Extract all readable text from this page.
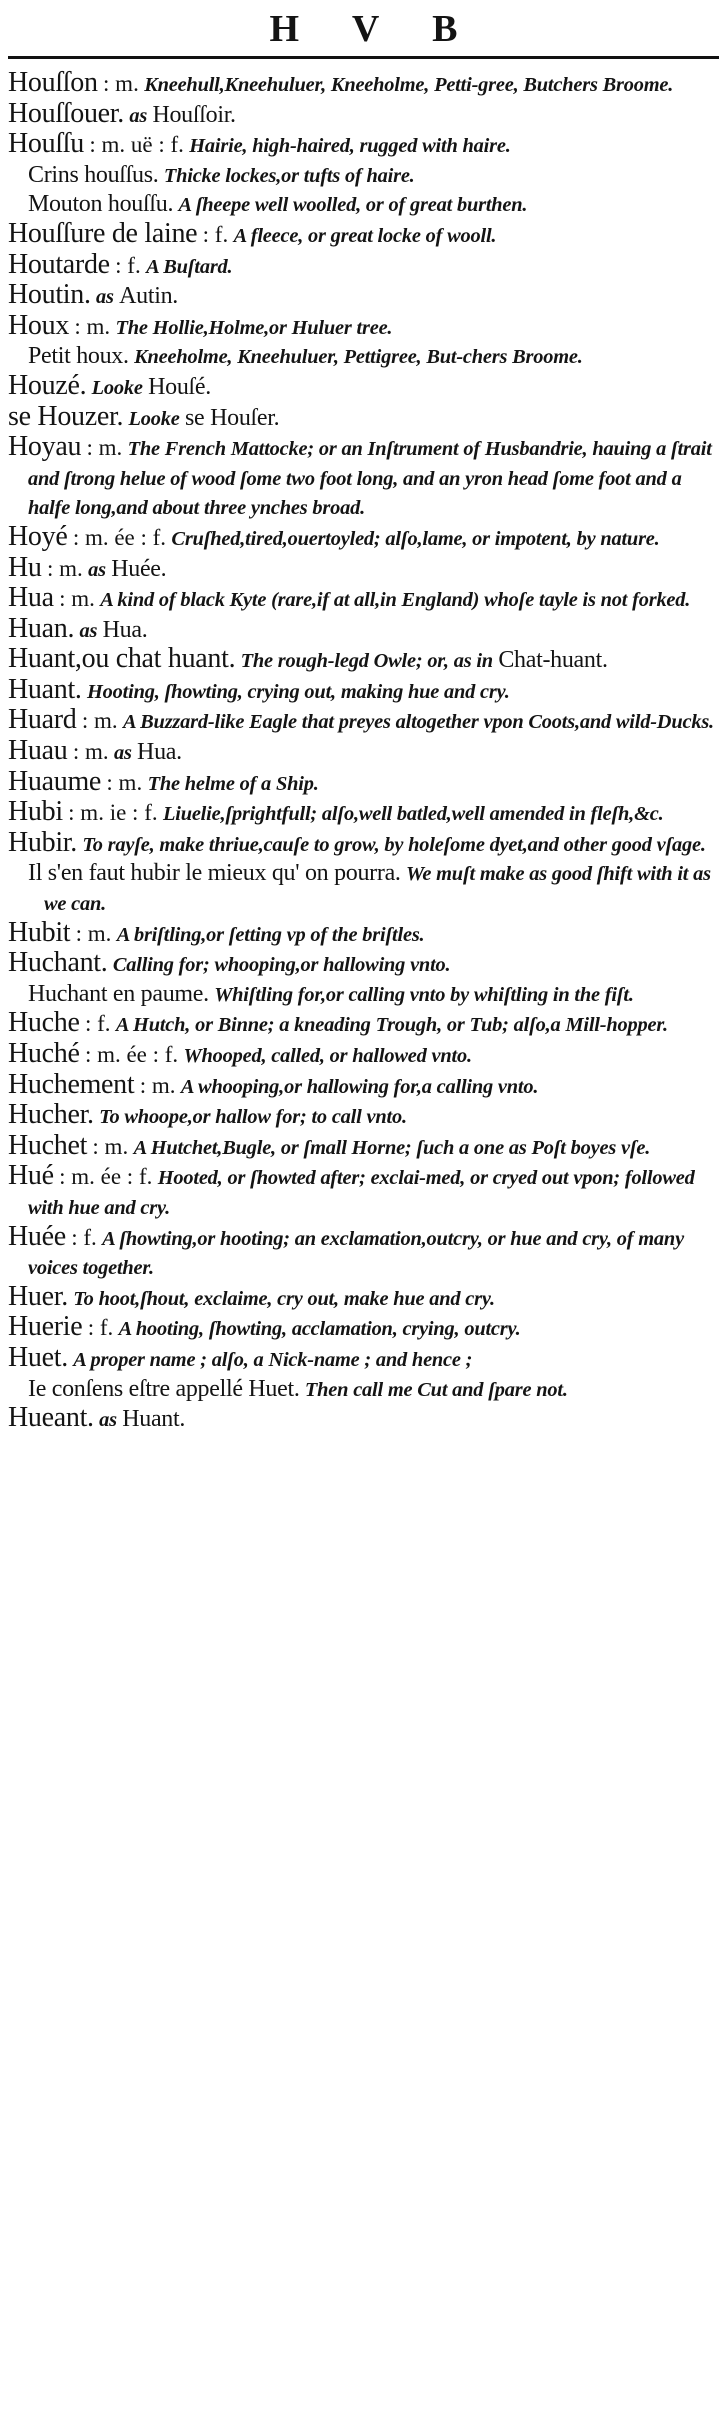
H V B
Houſſon : m. Kneehull,Kneehuluer, Kneeholme, Petti-gree, Butchers Broome.
Houſſouer. as Houſſoir.
Houſſu : m. uë : f. Hairie, high-haired, rugged with haire.
Crins houſſus. Thicke lockes,or tufts of haire.
Mouton houſſu. A ſheepe well woolled, or of great burthen.
Houſſure de laine : f. A fleece, or great locke of wooll.
Houtarde : f. A Buſtard.
Houtin. as Autin.
Houx : m. The Hollie,Holme,or Huluer tree.
Petit houx. Kneeholme, Kneehuluer, Pettigree, But-chers Broome.
Houzé. Looke Houſé.
se Houzer. Looke se Houſer.
Hoyau : m. The French Mattocke; or an Inſtrument of Husbandrie, hauing a ſtrait and ſtrong helue of wood ſome two foot long, and an yron head ſome foot and a halfe long,and about three ynches broad.
Hoyé : m. ée : f. Cruſhed,tired,ouertoyled; alſo,lame, or impotent, by nature.
Hu : m. as Huée.
Hua : m. A kind of black Kyte (rare,if at all,in England) whoſe tayle is not forked.
Huan. as Hua.
Huant,ou chat huant. The rough-legd Owle; or, as in Chat-huant.
Huant. Hooting, ſhowting, crying out, making hue and cry.
Huard : m. A Buzzard-like Eagle that preyes altogether vpon Coots,and wild-Ducks.
Huau : m. as Hua.
Huaume : m. The helme of a Ship.
Hubi : m. ie : f. Liuelie,ſprightfull; alſo,well batled,well amended in fleſh,&c.
Hubir. To rayſe, make thriue,cauſe to grow, by holeſome dyet,and other good vſage.
Il s'en faut hubir le mieux qu' on pourra. We muſt make as good ſhift with it as we can.
Hubit : m. A briſtling,or ſetting vp of the briſtles.
Huchant. Calling for; whooping,or hallowing vnto.
Huchant en paume. Whiſtling for,or calling vnto by whiſtling in the fiſt.
Huche : f. A Hutch, or Binne; a kneading Trough, or Tub; alſo,a Mill-hopper.
Huché : m. ée : f. Whooped, called, or hallowed vnto.
Huchement : m. A whooping,or hallowing for,a calling vnto.
Hucher. To whoope,or hallow for; to call vnto.
Huchet : m. A Hutchet,Bugle, or ſmall Horne; ſuch a one as Poſt boyes vſe.
Hué : m. ée : f. Hooted, or ſhowted after; exclai-med, or cryed out vpon; followed with hue and cry.
Huée : f. A ſhowting,or hooting; an exclamation,outcry, or hue and cry, of many voices together.
Huer. To hoot,ſhout, exclaime, cry out, make hue and cry.
Huerie : f. A hooting, ſhowting, acclamation, crying, outcry.
Huet. A proper name ; alſo, a Nick-name ; and hence ;
Ie conſens eſtre appellé Huet. Then call me Cut and ſpare not.
Hueant. as Huant.
